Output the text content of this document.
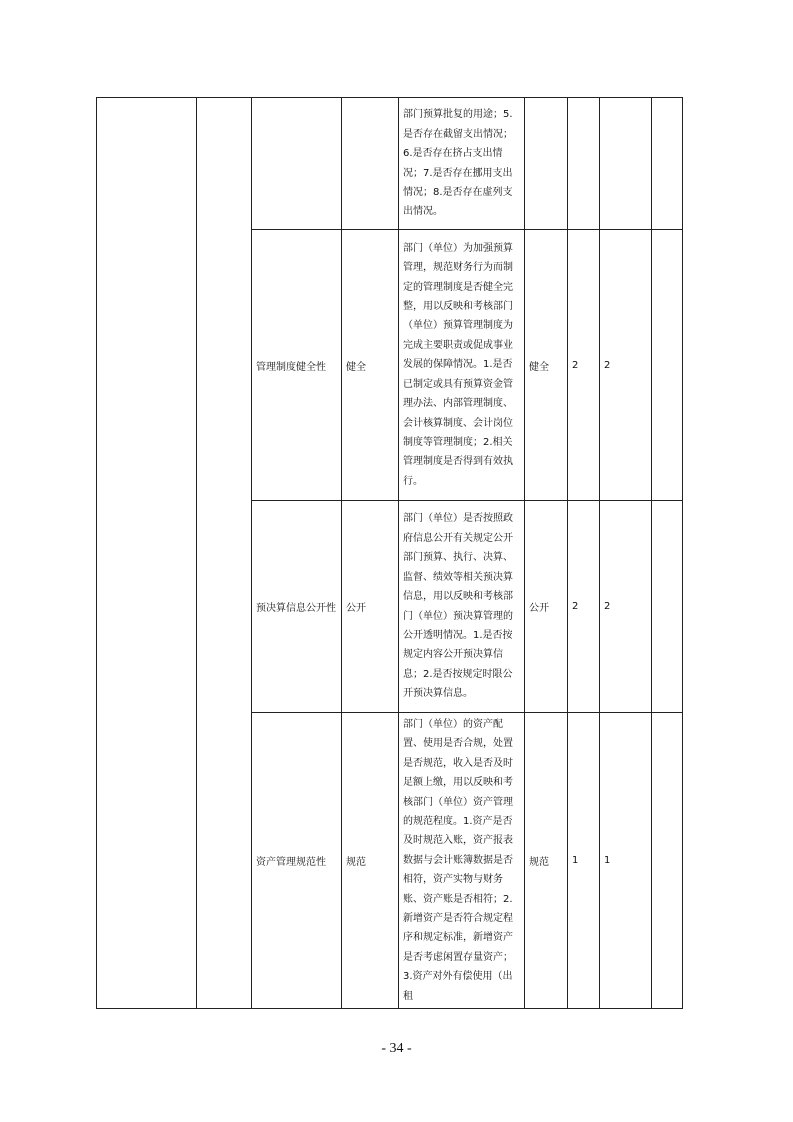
				部门预算批复的用途；5.是否存在截留支出情况；6.是否存在挤占支出情况；7.是否存在挪用支出情况；8.是否存在虚列支出情况。				
		管理制度健全性	健全	部门（单位）为加强预算管理，规范财务行为而制定的管理制度是否健全完整，用以反映和考核部门（单位）预算管理制度为完成主要职责或促成事业发展的保障情况。1.是否已制定或具有预算资金管理办法、内部管理制度、会计核算制度、会计岗位制度等管理制度；2.相关管理制度是否得到有效执行。	健全	2	2	
		预决算信息公开性	公开	部门（单位）是否按照政府信息公开有关规定公开部门预算、执行、决算、监督、绩效等相关预决算信息，用以反映和考核部门（单位）预决算管理的公开透明情况。1.是否按规定内容公开预决算信息；2.是否按规定时限公开预决算信息。	公开	2	2	
		资产管理规范性	规范	部门（单位）的资产配置、使用是否合规，处置是否规范，收入是否及时足额上缴，用以反映和考核部门（单位）资产管理的规范程度。1.资产是否及时规范入账，资产报表数据与会计账簿数据是否相符，资产实物与财务账、资产账是否相符；2.新增资产是否符合规定程序和规定标准，新增资产是否考虑闲置存量资产；3.资产对外有偿使用（出租	规范	1	1	
- 34 -
